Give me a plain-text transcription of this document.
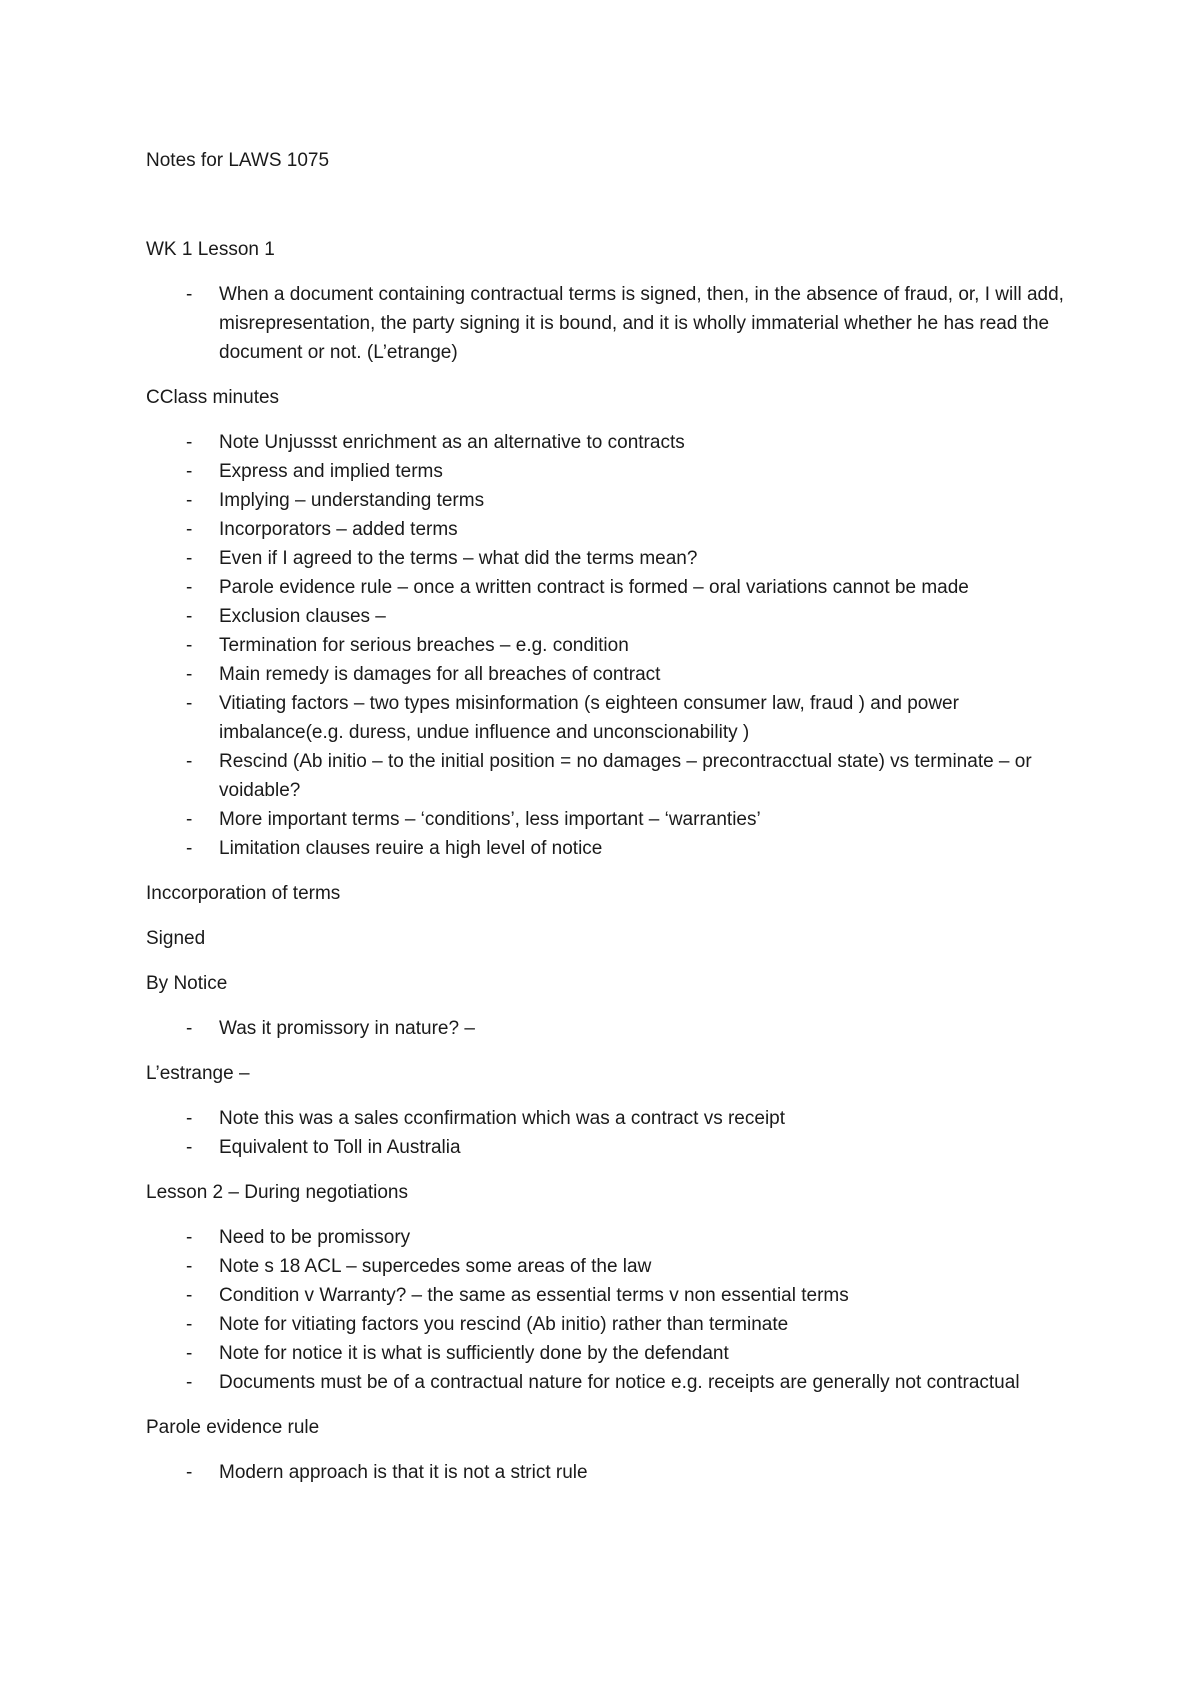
Notes for LAWS 1075

WK 1 Lesson 1

- When a document containing contractual terms is signed, then, in the absence of fraud, or, I will add, misrepresentation, the party signing it is bound, and it is wholly immaterial whether he has read the document or not. (L’etrange)

CClass minutes

- Note Unjussst enrichment as an alternative to contracts
- Express and implied terms
- Implying – understanding terms
- Incorporators – added terms
- Even if I agreed to the terms – what did the terms mean?
- Parole evidence rule – once a written contract is formed – oral variations cannot be made
- Exclusion clauses –
- Termination for serious breaches – e.g. condition
- Main remedy is damages for all breaches of contract
- Vitiating factors – two types misinformation (s eighteen consumer law, fraud ) and power imbalance(e.g. duress, undue influence and unconscionability )
- Rescind (Ab initio – to the initial position = no damages – precontracctual state) vs terminate – or voidable?
- More important terms – ‘conditions’, less important – ‘warranties’
- Limitation clauses reuire a high level of notice

Inccorporation of terms

Signed

By Notice

- Was it promissory in nature? –

L’estrange –

- Note this was a sales cconfirmation which was a contract vs receipt
- Equivalent to Toll in Australia

Lesson 2 – During negotiations

- Need to be promissory
- Note s 18 ACL – supercedes some areas of the law
- Condition v Warranty? – the same as essential terms v non essential terms
- Note for vitiating factors you rescind (Ab initio) rather than terminate
- Note for notice it is what is sufficiently done by the defendant
- Documents must be of a contractual nature for notice e.g. receipts are generally not contractual

Parole evidence rule

- Modern approach is that it is not a strict rule
